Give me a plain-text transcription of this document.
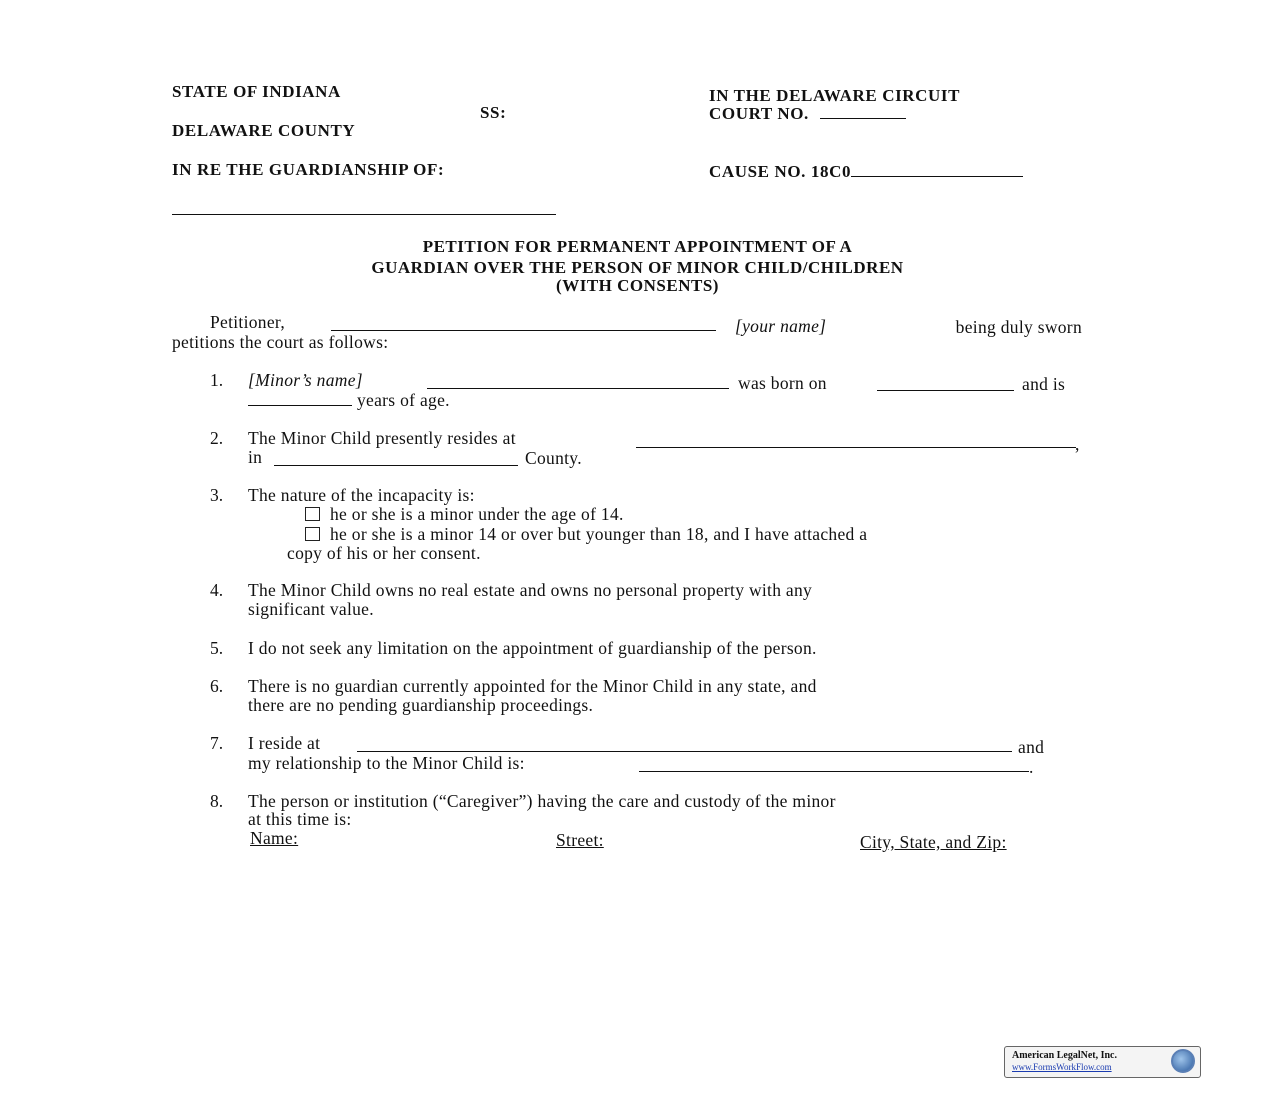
STATE OF INDIANA
SS:
DELAWARE COUNTY
IN THE DELAWARE CIRCUIT
COURT NO.
IN RE THE GUARDIANSHIP OF:	CAUSE NO. 18C0
PETITION FOR PERMANENT APPOINTMENT OF A
GUARDIAN OVER THE PERSON OF MINOR CHILD/CHILDREN
(WITH CONSENTS)
Petitioner,	[your name]	being duly sworn
petitions the court as follows:
1. [Minor’s name]	was born on	and is
years of age.
2. The Minor Child presently resides at	,
in	County.
3. The nature of the incapacity is:
he or she is a minor under the age of 14.
he or she is a minor 14 or over but younger than 18, and I have attached a
copy of his or her consent.
4. The Minor Child owns no real estate and owns no personal property with any
significant value.
5. I do not seek any limitation on the appointment of guardianship of the person.
6. There is no guardian currently appointed for the Minor Child in any state, and
there are no pending guardianship proceedings.
7. I reside at	and
my relationship to the Minor Child is:	.
8. The person or institution (“Caregiver”) having the care and custody of the minor
at this time is:
Name:	Street:	City, State, and Zip:
American LegalNet, Inc.
www.FormsWorkFlow.com
